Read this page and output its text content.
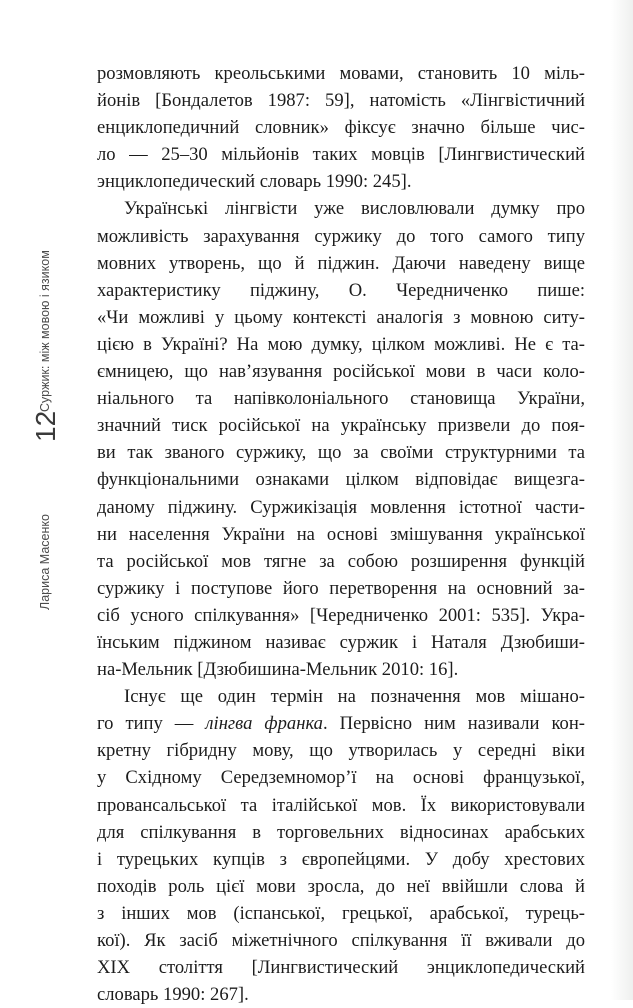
Лариса Масенко
12
Суржик: між мовою і язиком

розмовляють креольськими мовами, становить 10 міль-
йонів [Бондалетов 1987: 59], натомість «Лінгвістичний
енциклопедичний словник» фіксує значно більше чис-
ло — 25–30 мільйонів таких мовців [Лингвистический
энциклопедический словарь 1990: 245].

Українські лінгвісти уже висловлювали думку про
можливість зарахування суржику до того самого типу
мовних утворень, що й піджин. Даючи наведену вище
характеристику піджину, О. Чередниченко пише:
«Чи можливі у цьому контексті аналогія з мовною ситу-
цією в Україні? На мою думку, цілком можливі. Не є та-
ємницею, що нав’язування російської мови в часи коло-
ніального та напівколоніального становища України,
значний тиск російської на українську призвели до поя-
ви так званого суржику, що за своїми структурними та
функціональними ознаками цілком відповідає вищезга-
даному піджину. Суржикізація мовлення істотної части-
ни населення України на основі змішування української
та російської мов тягне за собою розширення функцій
суржику і поступове його перетворення на основний за-
сіб усного спілкування» [Чередниченко 2001: 535]. Укра-
їнським піджином називає суржик і Наталя Дзюбиши-
на-Мельник [Дзюбишина-Мельник 2010: 16].

Існує ще один термін на позначення мов мішано-
го типу — лінгва франка. Первісно ним називали кон-
кретну гібридну мову, що утворилась у середні віки
у Східному Середземномор’ї на основі французької,
провансальської та італійської мов. Їх використовували
для спілкування в торговельних відносинах арабських
і турецьких купців з європейцями. У добу хрестових
походів роль цієї мови зросла, до неї ввійшли слова й
з інших мов (іспанської, грецької, арабської, турець-
кої). Як засіб міжетнічного спілкування її вживали до
XIX століття [Лингвистический энциклопедический
словарь 1990: 267].
